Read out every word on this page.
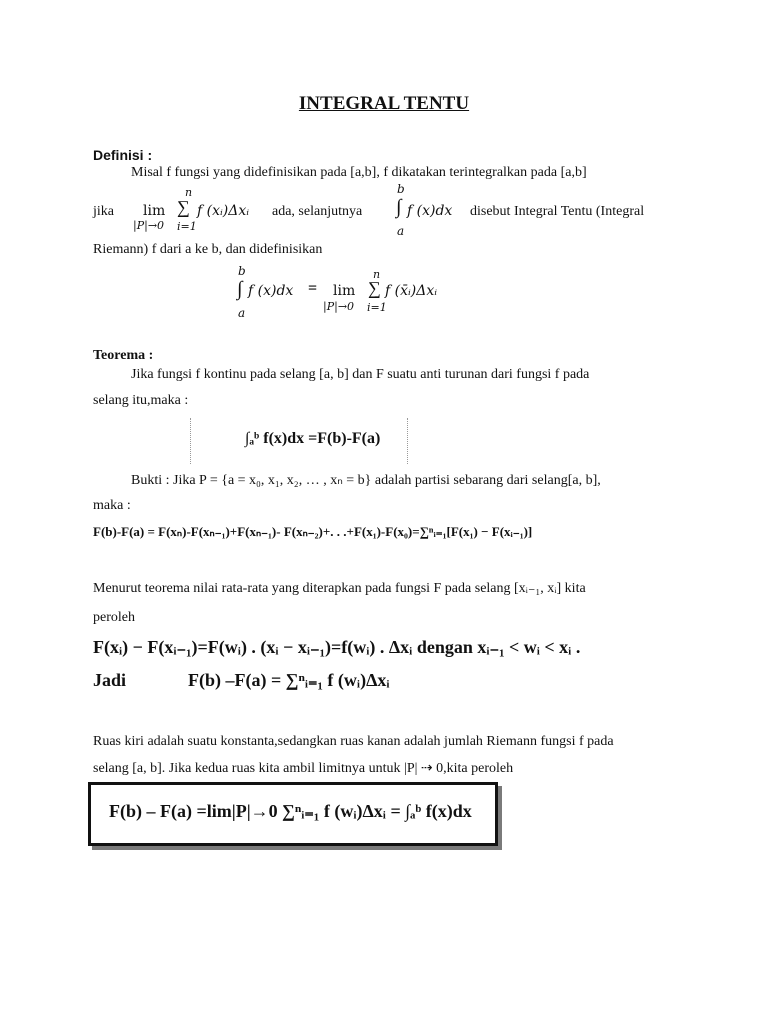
INTEGRAL TENTU
Definisi :
Misal f fungsi yang didefinisikan pada [a,b], f dikatakan terintegralkan pada [a,b]
jika lim
|P|→0
n
∑
i=1
f (xᵢ)Δxᵢ ada, selanjutnya
b
∫
a
f (x)dx disebut Integral Tentu (Integral
Riemann) f dari a ke b, dan didefinisikan
b
∫
a
f (x)dx = lim
|P|→0
n
∑
i=1
f (x̄ᵢ)Δxᵢ
Teorema :
Jika fungsi f kontinu pada selang [a, b] dan F suatu anti turunan dari fungsi f pada
selang itu,maka :
∫ₐᵇ f(x)dx =F(b)-F(a)
Bukti : Jika P = {a = x₀, x₁, x₂, … , xₙ = b} adalah partisi sebarang dari selang[a, b],
maka :
F(b)-F(a) = F(xₙ)-F(xₙ₋₁)+F(xₙ₋₁)- F(xₙ₋₂)+. . .+F(x₁)-F(x₀)=∑ⁿᵢ₌₁[F(x₁) − F(xᵢ₋₁)]
Menurut teorema nilai rata-rata yang diterapkan pada fungsi F pada selang [xᵢ₋₁, xᵢ] kita
peroleh
F(xᵢ) − F(xᵢ₋₁)=F(wᵢ) . (xᵢ − xᵢ₋₁)=f(wᵢ) . Δxᵢ dengan xᵢ₋₁ < wᵢ < xᵢ .
Jadi	F(b) –F(a) = ∑ⁿᵢ₌₁ f (wᵢ)Δxᵢ
Ruas kiri adalah suatu konstanta,sedangkan ruas kanan adalah jumlah Riemann fungsi f pada
selang [a, b]. Jika kedua ruas kita ambil limitnya untuk |P| ⇢ 0,kita peroleh
F(b) – F(a) =lim|P|→0 ∑ⁿᵢ₌₁ f (wᵢ)Δxᵢ = ∫ₐᵇ f(x)dx
